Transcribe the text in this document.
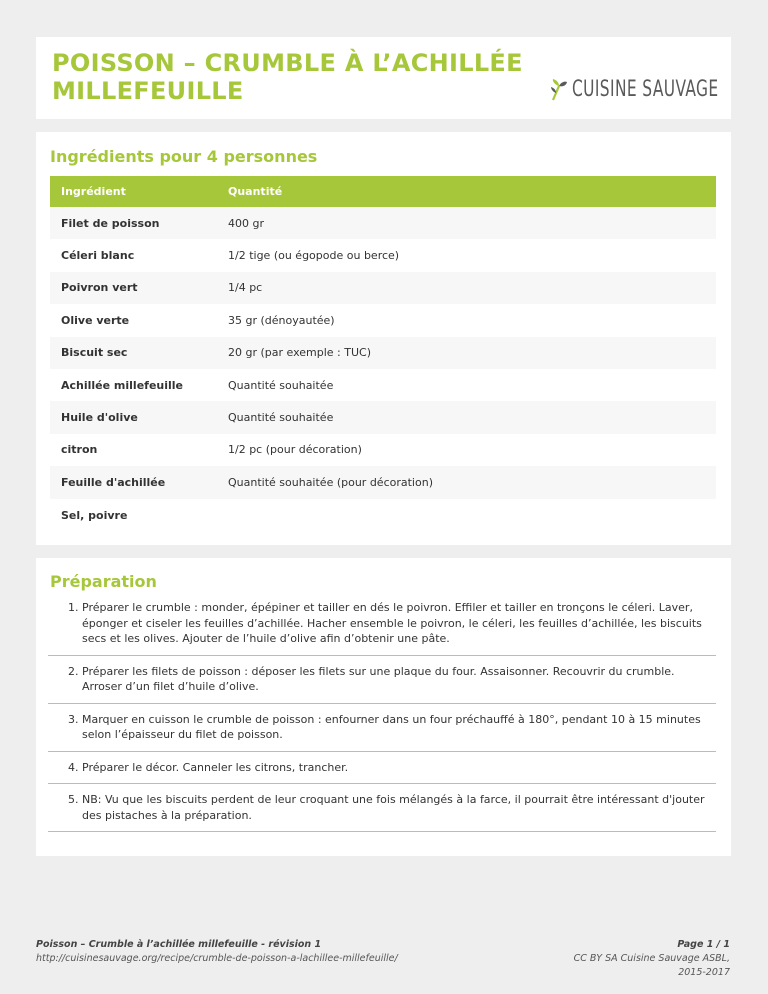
POISSON – CRUMBLE À L’ACHILLÉE
MILLEFEUILLE	CUISINE SAUVAGE
Ingrédients pour 4 personnes
Ingrédient	Quantité
Filet de poisson	400 gr
Céleri blanc	1/2 tige (ou égopode ou berce)
Poivron vert	1/4 pc
Olive verte	35 gr (dénoyautée)
Biscuit sec	20 gr (par exemple : TUC)
Achillée millefeuille	Quantité souhaitée
Huile d'olive	Quantité souhaitée
citron	1/2 pc (pour décoration)
Feuille d'achillée	Quantité souhaitée (pour décoration)
Sel, poivre
Préparation
1. Préparer le crumble : monder, épépiner et tailler en dés le poivron. Effiler et tailler en tronçons le céleri. Laver, éponger et ciseler les feuilles d’achillée. Hacher ensemble le poivron, le céleri, les feuilles d’achillée, les biscuits secs et les olives. Ajouter de l’huile d’olive afin d’obtenir une pâte.
2. Préparer les filets de poisson : déposer les filets sur une plaque du four. Assaisonner. Recouvrir du crumble. Arroser d’un filet d’huile d’olive.
3. Marquer en cuisson le crumble de poisson : enfourner dans un four préchauffé à 180°, pendant 10 à 15 minutes selon l’épaisseur du filet de poisson.
4. Préparer le décor. Canneler les citrons, trancher.
5. NB: Vu que les biscuits perdent de leur croquant une fois mélangés à la farce, il pourrait être intéressant d'jouter des pistaches à la préparation.
Poisson – Crumble à l’achillée millefeuille - révision 1
http://cuisinesauvage.org/recipe/crumble-de-poisson-a-lachillee-millefeuille/
Page 1 / 1
CC BY SA Cuisine Sauvage ASBL,
2015-2017
